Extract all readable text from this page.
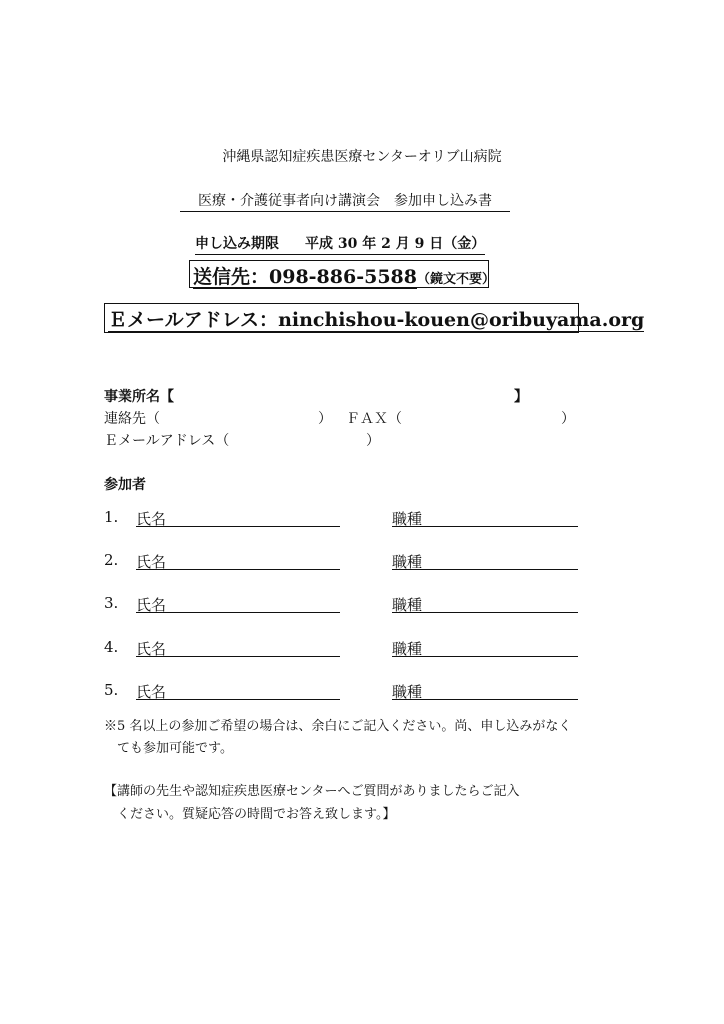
沖縄県認知症疾患医療センターオリブ山病院
医療・介護従事者向け講演会　参加申し込み書
申し込み期限 平成 30 年 2 月 9 日（金）
送信先：098-886-5588（鏡文不要）
Ｅメールアドレス：ninchishou-kouen@oribuyama.org
事業所名【	】
連絡先（	） ＦＡＸ（	）
Ｅメールアドレス（	）
参加者
1. 氏名	職種
2. 氏名	職種
3. 氏名	職種
4. 氏名	職種
5. 氏名	職種
※5 名以上の参加ご希望の場合は、余白にご記入ください。尚、申し込みがなく
ても参加可能です。
【講師の先生や認知症疾患医療センターへご質問がありましたらご記入
ください。質疑応答の時間でお答え致します。】
